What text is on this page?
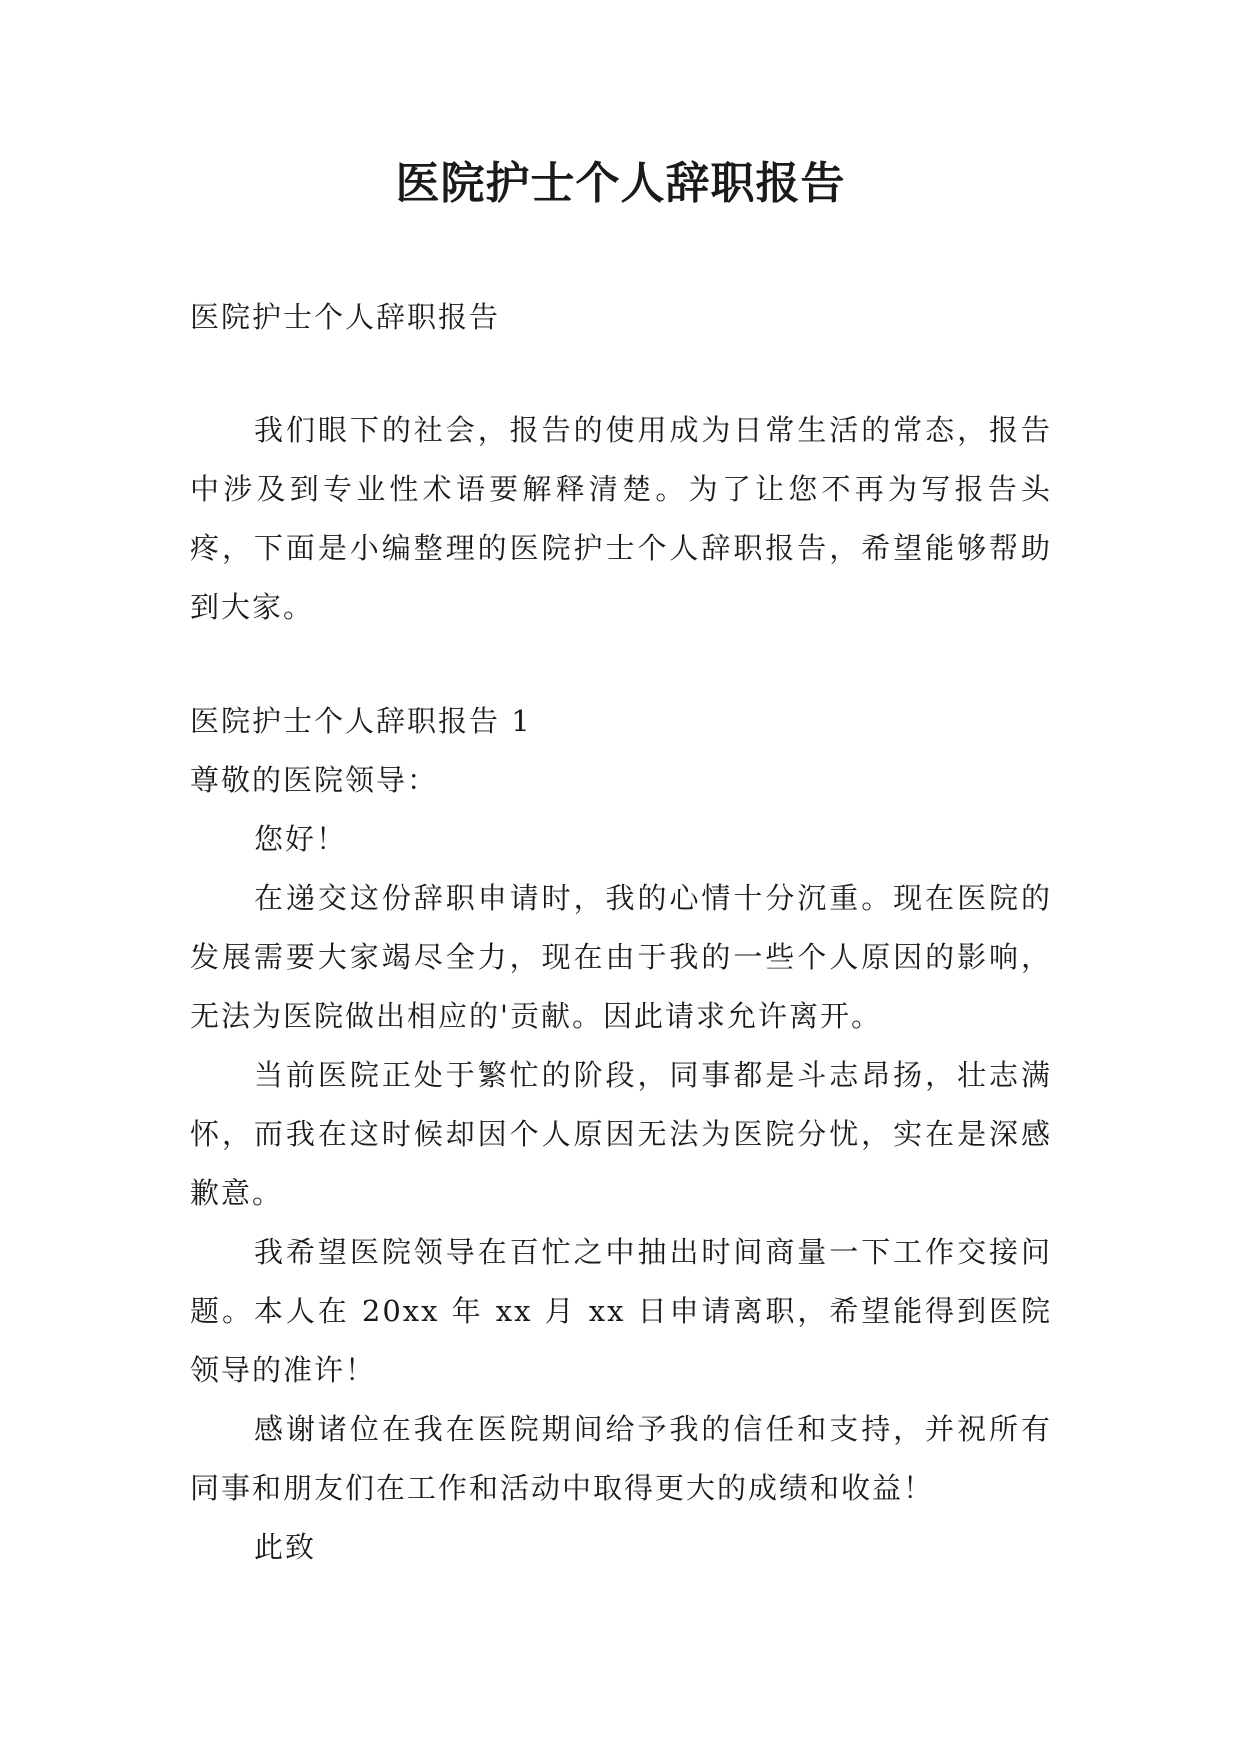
医院护士个人辞职报告

医院护士个人辞职报告

我们眼下的社会，报告的使用成为日常生活的常态，报告中涉及到专业性术语要解释清楚。为了让您不再为写报告头疼，下面是小编整理的医院护士个人辞职报告，希望能够帮助到大家。

医院护士个人辞职报告 1

尊敬的医院领导：

您好！

在递交这份辞职申请时，我的心情十分沉重。现在医院的发展需要大家竭尽全力，现在由于我的一些个人原因的影响，无法为医院做出相应的'贡献。因此请求允许离开。

当前医院正处于繁忙的阶段，同事都是斗志昂扬，壮志满怀，而我在这时候却因个人原因无法为医院分忧，实在是深感歉意。

我希望医院领导在百忙之中抽出时间商量一下工作交接问题。本人在 20xx 年 xx 月 xx 日申请离职，希望能得到医院领导的准许！

感谢诸位在我在医院期间给予我的信任和支持，并祝所有同事和朋友们在工作和活动中取得更大的成绩和收益！

此致
